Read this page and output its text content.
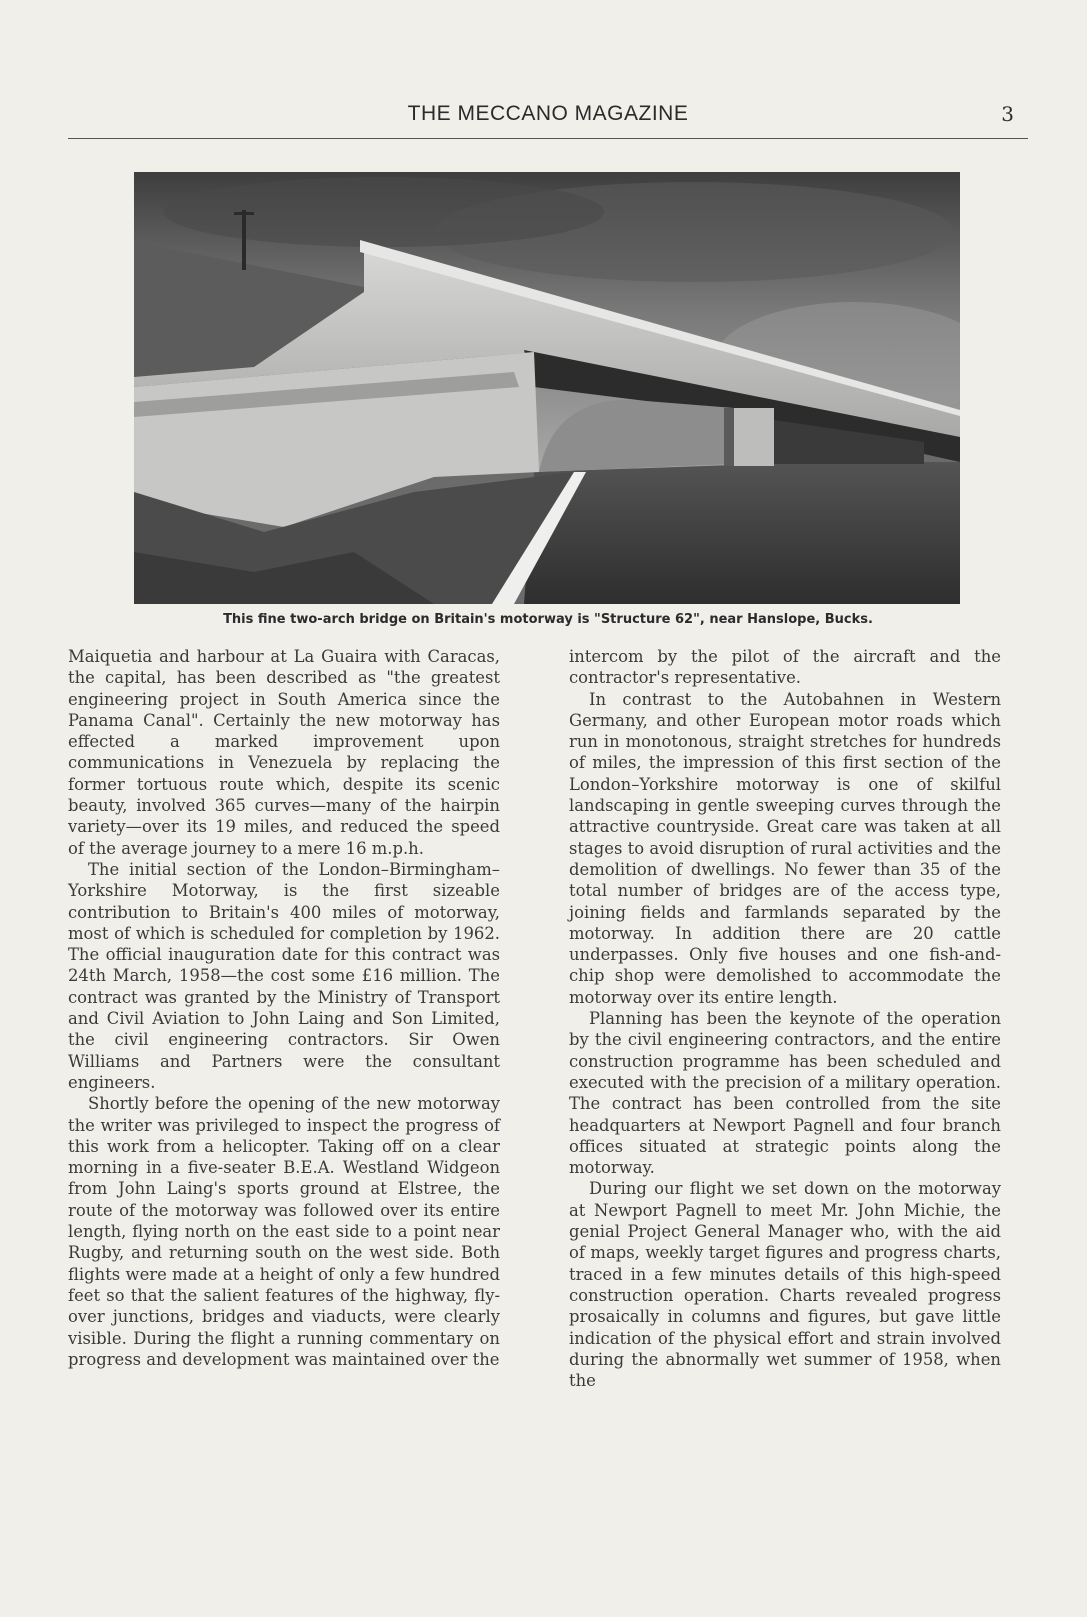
THE MECCANO MAGAZINE	3
This fine two-arch bridge on Britain's motorway is "Structure 62", near Hanslope, Bucks.

Maiquetia and harbour at La Guaira with Caracas, the capital, has been described as "the greatest engineering project in South America since the Panama Canal". Certainly the new motorway has effected a marked improvement upon communications in Venezuela by replacing the former tortuous route which, despite its scenic beauty, involved 365 curves—many of the hairpin variety—over its 19 miles, and reduced the speed of the average journey to a mere 16 m.p.h.

The initial section of the London–Birmingham–Yorkshire Motorway, is the first sizeable contribution to Britain's 400 miles of motorway, most of which is scheduled for completion by 1962. The official inauguration date for this contract was 24th March, 1958—the cost some £16 million. The contract was granted by the Ministry of Transport and Civil Aviation to John Laing and Son Limited, the civil engineering contractors. Sir Owen Williams and Partners were the consultant engineers.

Shortly before the opening of the new motorway the writer was privileged to inspect the progress of this work from a helicopter. Taking off on a clear morning in a five-seater B.E.A. Westland Widgeon from John Laing's sports ground at Elstree, the route of the motorway was followed over its entire length, flying north on the east side to a point near Rugby, and returning south on the west side. Both flights were made at a height of only a few hundred feet so that the salient features of the highway, fly-over junctions, bridges and viaducts, were clearly visible. During the flight a running commentary on progress and development was maintained over the

intercom by the pilot of the aircraft and the contractor's representative.

In contrast to the Autobahnen in Western Germany, and other European motor roads which run in monotonous, straight stretches for hundreds of miles, the impression of this first section of the London–Yorkshire motorway is one of skilful landscaping in gentle sweeping curves through the attractive countryside. Great care was taken at all stages to avoid disruption of rural activities and the demolition of dwellings. No fewer than 35 of the total number of bridges are of the access type, joining fields and farmlands separated by the motorway. In addition there are 20 cattle underpasses. Only five houses and one fish-and-chip shop were demolished to accommodate the motorway over its entire length.

Planning has been the keynote of the operation by the civil engineering contractors, and the entire construction programme has been scheduled and executed with the precision of a military operation. The contract has been controlled from the site headquarters at Newport Pagnell and four branch offices situated at strategic points along the motorway.

During our flight we set down on the motorway at Newport Pagnell to meet Mr. John Michie, the genial Project General Manager who, with the aid of maps, weekly target figures and progress charts, traced in a few minutes details of this high-speed construction operation. Charts revealed progress prosaically in columns and figures, but gave little indication of the physical effort and strain involved during the abnormally wet summer of 1958, when the
